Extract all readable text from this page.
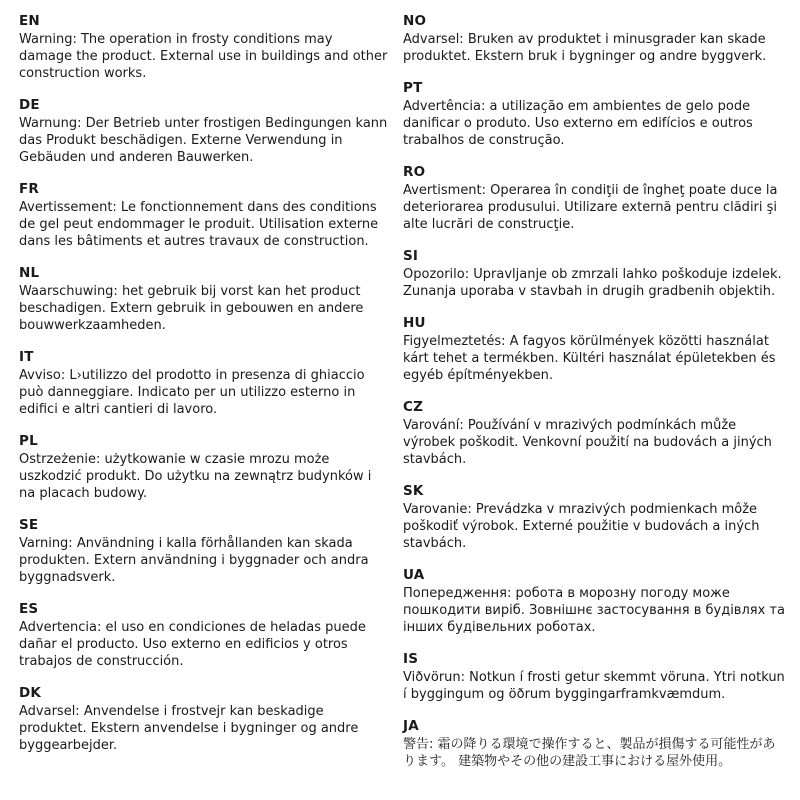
EN

Warning: The operation in frosty conditions may damage the product. External use in buildings and other construction works.

DE

Warnung: Der Betrieb unter frostigen Bedingungen kann das Produkt beschädigen. Externe Verwendung in Gebäuden und anderen Bauwerken.

FR

Avertissement: Le fonctionnement dans des conditions de gel peut endommager le produit. Utilisation externe dans les bâtiments et autres travaux de construction.

NL

Waarschuwing: het gebruik bij vorst kan het product beschadigen. Extern gebruik in gebouwen en andere bouwwerkzaamheden.

IT

Avviso: L›utilizzo del prodotto in presenza di ghiaccio può danneggiare. Indicato per un utilizzo esterno in edifici e altri cantieri di lavoro.

PL

Ostrzeżenie: użytkowanie w czasie mrozu może uszkodzić produkt. Do użytku na zewnątrz budynków i na placach budowy.

SE

Varning: Användning i kalla förhållanden kan skada produkten. Extern användning i byggnader och andra byggnadsverk.

ES

Advertencia: el uso en condiciones de heladas puede dañar el producto. Uso externo en edificios y otros trabajos de construcción.

DK

Advarsel: Anvendelse i frostvejr kan beskadige produktet. Ekstern anvendelse i bygninger og andre byggearbejder.

NO

Advarsel: Bruken av produktet i minusgrader kan skade produktet. Ekstern bruk i bygninger og andre byggverk.

PT

Advertência: a utilização em ambientes de gelo pode danificar o produto. Uso externo em edifícios e outros trabalhos de construção.

RO

Avertisment: Operarea în condiţii de îngheţ poate duce la deteriorarea produsului. Utilizare externă pentru clădiri şi alte lucrări de construcţie.

SI

Opozorilo: Upravljanje ob zmrzali lahko poškoduje izdelek. Zunanja uporaba v stavbah in drugih gradbenih objektih.

HU

Figyelmeztetés: A fagyos körülmények közötti használat kárt tehet a termékben. Kültéri használat épületekben és egyéb építményekben.

CZ

Varování: Používání v mrazivých podmínkách může výrobek poškodit. Venkovní použití na budovách a jiných stavbách.

SK

Varovanie: Prevádzka v mrazivých podmienkach môže poškodiť výrobok. Externé použitie v budovách a iných stavbách.

UA

Попередження: робота в морозну погоду може пошкодити виріб. Зовнішнє застосування в будівлях та інших будівельних роботах.

IS

Viðvörun: Notkun í frosti getur skemmt vöruna. Ytri notkun í byggingum og öðrum byggingarframkvæmdum.

JA

警告: 霜の降りる環境で操作すると、製品が損傷する可能性があります。 建築物やその他の建設工事における屋外使用。
